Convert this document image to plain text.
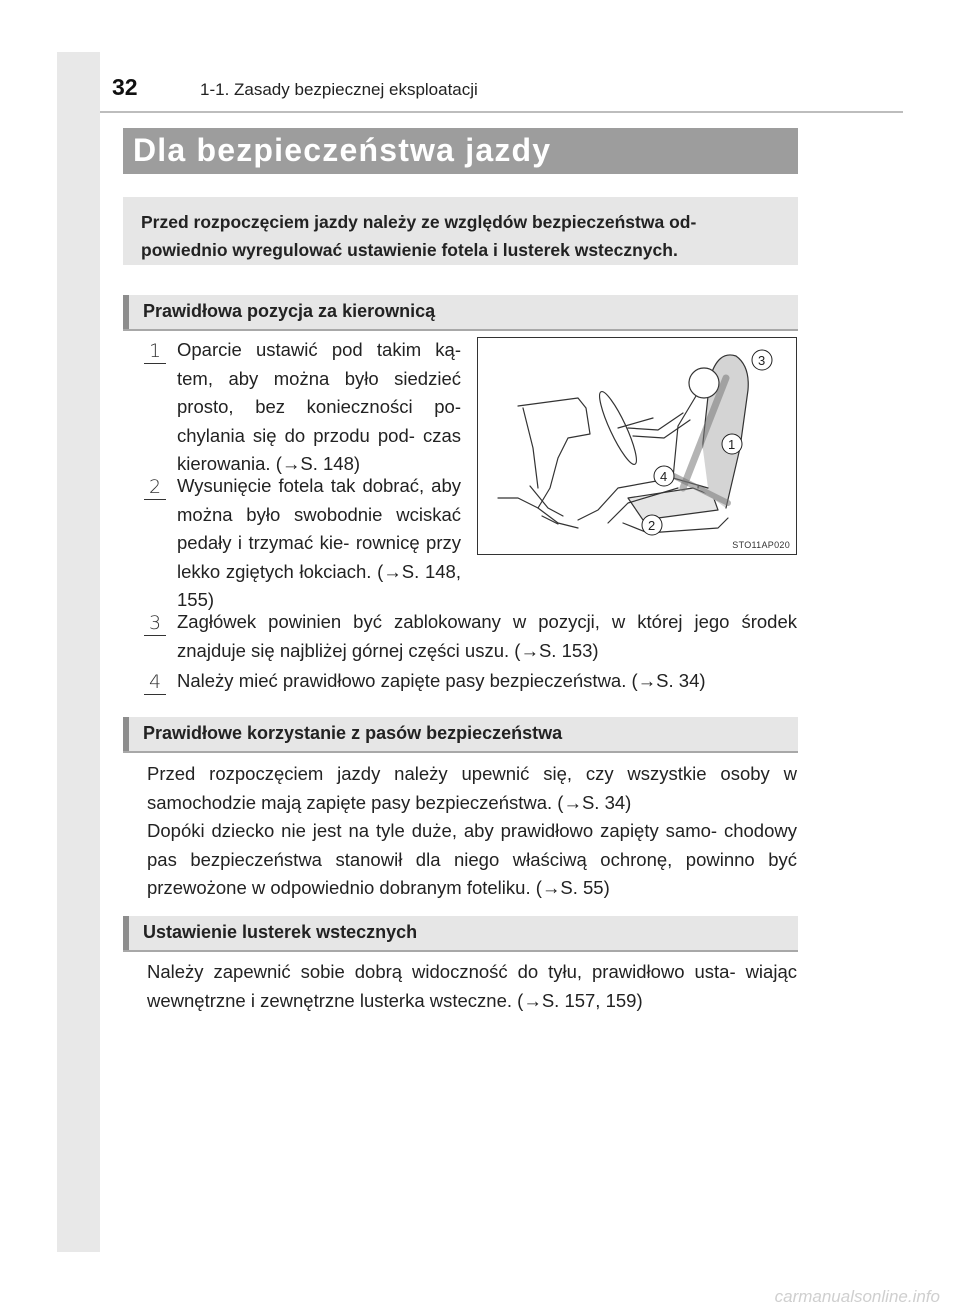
32	1-1. Zasady bezpiecznej eksploatacji
Dla bezpieczeństwa jazdy

Przed rozpoczęciem jazdy należy ze względów bezpieczeństwa od- powiednio wyregulować ustawienie fotela i lusterek wstecznych.

Prawidłowa pozycja za kierownicą
1 Oparcie ustawić pod takim ką- tem, aby można było siedzieć prosto, bez konieczności po- chylania się do przodu pod- czas kierowania. (→S. 148)

2 Wysunięcie fotela tak dobrać, aby można było swobodnie wciskać pedały i trzymać kie- rownicę przy lekko zgiętych łokciach. (→S. 148, 155)

3 Zagłówek powinien być zablokowany w pozycji, w której jego środek znajduje się najbliżej górnej części uszu. (→S. 153)

4 Należy mieć prawidłowo zapięte pasy bezpieczeństwa. (→S. 34)

3
1
4
2
STO11AP020
Prawidłowe korzystanie z pasów bezpieczeństwa

Przed rozpoczęciem jazdy należy upewnić się, czy wszystkie osoby w samochodzie mają zapięte pasy bezpieczeństwa. (→S. 34)

Dopóki dziecko nie jest na tyle duże, aby prawidłowo zapięty samo- chodowy pas bezpieczeństwa stanowił dla niego właściwą ochronę, powinno być przewożone w odpowiednio dobranym foteliku. (→S. 55)

Ustawienie lusterek wstecznych

Należy zapewnić sobie dobrą widoczność do tyłu, prawidłowo usta- wiając wewnętrzne i zewnętrzne lusterka wsteczne. (→S. 157, 159)

carmanualsonline.info
